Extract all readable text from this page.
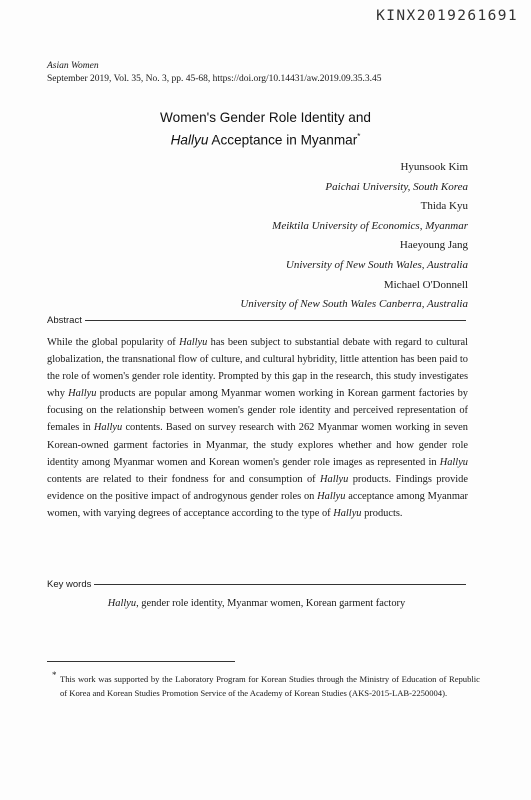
KINX2019261691
Asian Women
September 2019, Vol. 35, No. 3, pp. 45-68, https://doi.org/10.14431/aw.2019.09.35.3.45
Women's Gender Role Identity and
Hallyu Acceptance in Myanmar*
Hyunsook Kim
Paichai University, South Korea
Thida Kyu
Meiktila University of Economics, Myanmar
Haeyoung Jang
University of New South Wales, Australia
Michael O'Donnell
University of New South Wales Canberra, Australia
Abstract
While the global popularity of Hallyu has been subject to substantial debate with regard to cultural globalization, the transnational flow of culture, and cultural hybridity, little attention has been paid to the role of women's gender role identity. Prompted by this gap in the research, this study investigates why Hallyu products are popular among Myanmar women working in Korean garment factories by focusing on the relationship between women's gender role identity and perceived representation of females in Hallyu contents. Based on survey research with 262 Myanmar women working in seven Korean-owned garment factories in Myanmar, the study explores whether and how gender role identity among Myanmar women and Korean women's gender role images as represented in Hallyu contents are related to their fondness for and consumption of Hallyu products. Findings provide evidence on the positive impact of androgynous gender roles on Hallyu acceptance among Myanmar women, with varying degrees of acceptance according to the type of Hallyu products.
Key words
Hallyu, gender role identity, Myanmar women, Korean garment factory
* This work was supported by the Laboratory Program for Korean Studies through the Ministry of Education of Republic of Korea and Korean Studies Promotion Service of the Academy of Korean Studies (AKS-2015-LAB-2250004).
